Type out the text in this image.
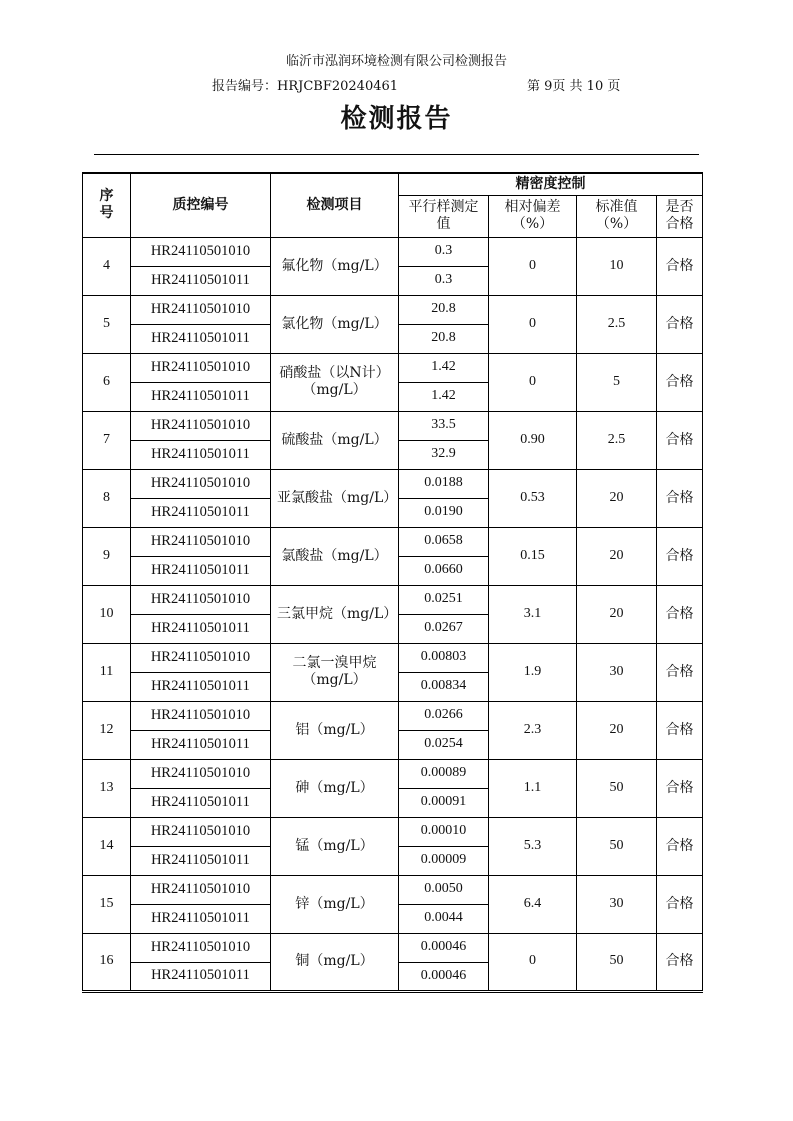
临沂市泓润环境检测有限公司检测报告
报告编号：HRJCBF20240461	第 9页 共 10 页
检测报告
序号	质控编号	检测项目	精密度控制			
			平行样测定值	相对偏差（%）	标准值（%）	是否合格
4	HR24110501010	氟化物（mg/L）	0.3	0	10	合格
	HR24110501011		0.3			
5	HR24110501010	氯化物（mg/L）	20.8	0	2.5	合格
	HR24110501011		20.8			
6	HR24110501010	硝酸盐（以N计）（mg/L）	1.42	0	5	合格
	HR24110501011		1.42			
7	HR24110501010	硫酸盐（mg/L）	33.5	0.90	2.5	合格
	HR24110501011		32.9			
8	HR24110501010	亚氯酸盐（mg/L）	0.0188	0.53	20	合格
	HR24110501011		0.0190			
9	HR24110501010	氯酸盐（mg/L）	0.0658	0.15	20	合格
	HR24110501011		0.0660			
10	HR24110501010	三氯甲烷（mg/L）	0.0251	3.1	20	合格
	HR24110501011		0.0267			
11	HR24110501010	二氯一溴甲烷（mg/L）	0.00803	1.9	30	合格
	HR24110501011		0.00834			
12	HR24110501010	铝（mg/L）	0.0266	2.3	20	合格
	HR24110501011		0.0254			
13	HR24110501010	砷（mg/L）	0.00089	1.1	50	合格
	HR24110501011		0.00091			
14	HR24110501010	锰（mg/L）	0.00010	5.3	50	合格
	HR24110501011		0.00009			
15	HR24110501010	锌（mg/L）	0.0050	6.4	30	合格
	HR24110501011		0.0044			
16	HR24110501010	铜（mg/L）	0.00046	0	50	合格
	HR24110501011		0.00046			
